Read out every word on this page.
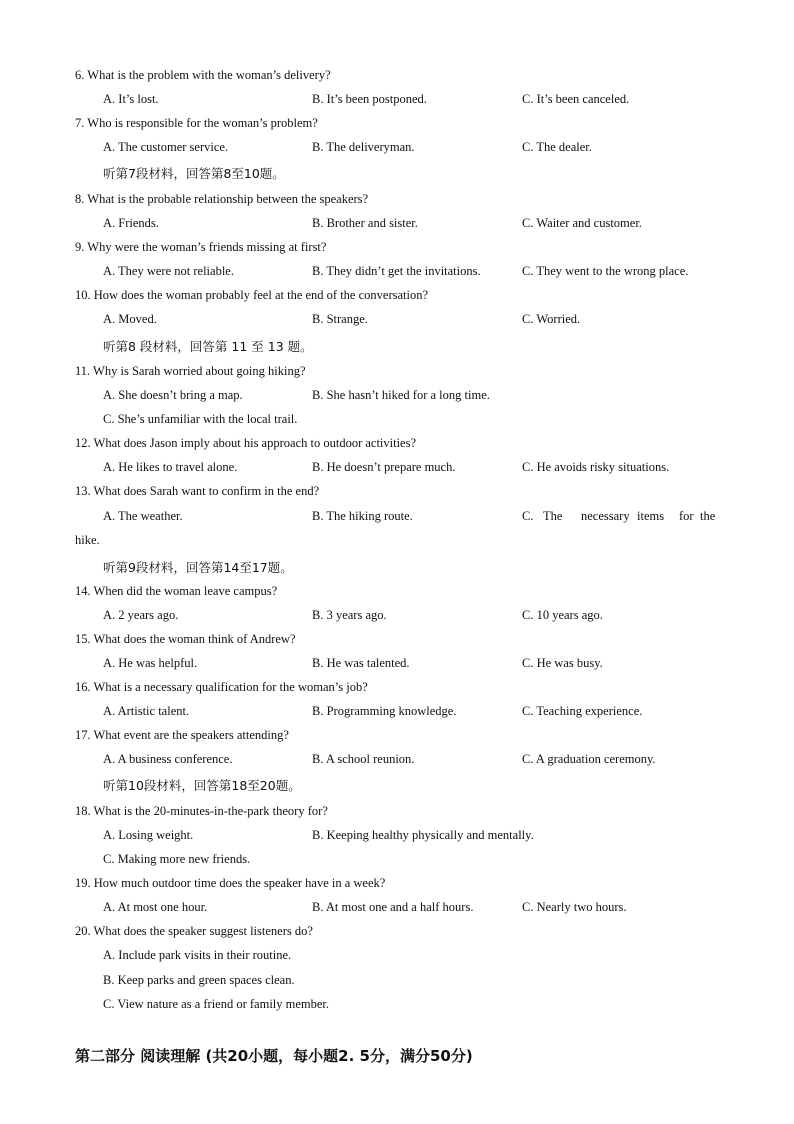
6. What is the problem with the woman’s delivery?
A. It’s lost.	B. It’s been postponed.	C. It’s been canceled.
7. Who is responsible for the woman’s problem?
A. The customer service.	B. The deliveryman.	C. The dealer.
听第7段材料，回答第8至10题。
8. What is the probable relationship between the speakers?
A. Friends.	B. Brother and sister.	C. Waiter and customer.
9. Why were the woman’s friends missing at first?
A. They were not reliable.	B. They didn’t get the invitations.	C. They went to the wrong place.
10. How does the woman probably feel at the end of the conversation?
A. Moved.	B. Strange.	C. Worried.
听第8 段材料，回答第 11 至 13 题。
11. Why is Sarah worried about going hiking?
A. She doesn’t bring a map.	B. She hasn’t hiked for a long time.
C. She’s unfamiliar with the local trail.
12. What does Jason imply about his approach to outdoor activities?
A. He likes to travel alone.	B. He doesn’t prepare much.	C. He avoids risky situations.
13. What does Sarah want to confirm in the end?
A. The weather.	B. The hiking route.	C. The necessary items for the
hike.
听第9段材料，回答第14至17题。
14. When did the woman leave campus?
A. 2 years ago.	B. 3 years ago.	C. 10 years ago.
15. What does the woman think of Andrew?
A. He was helpful.	B. He was talented.	C. He was busy.
16. What is a necessary qualification for the woman’s job?
A. Artistic talent.	B. Programming knowledge.	C. Teaching experience.
17. What event are the speakers attending?
A. A business conference.	B. A school reunion.	C. A graduation ceremony.
听第10段材料，回答第18至20题。
18. What is the 20-minutes-in-the-park theory for?
A. Losing weight.	B. Keeping healthy physically and mentally.
C. Making more new friends.
19. How much outdoor time does the speaker have in a week?
A. At most one hour.	B. At most one and a half hours.	C. Nearly two hours.
20. What does the speaker suggest listeners do?
A. Include park visits in their routine.
B. Keep parks and green spaces clean.
C. View nature as a friend or family member.
第二部分 阅读理解 (共20小题，每小题2. 5分，满分50分)
